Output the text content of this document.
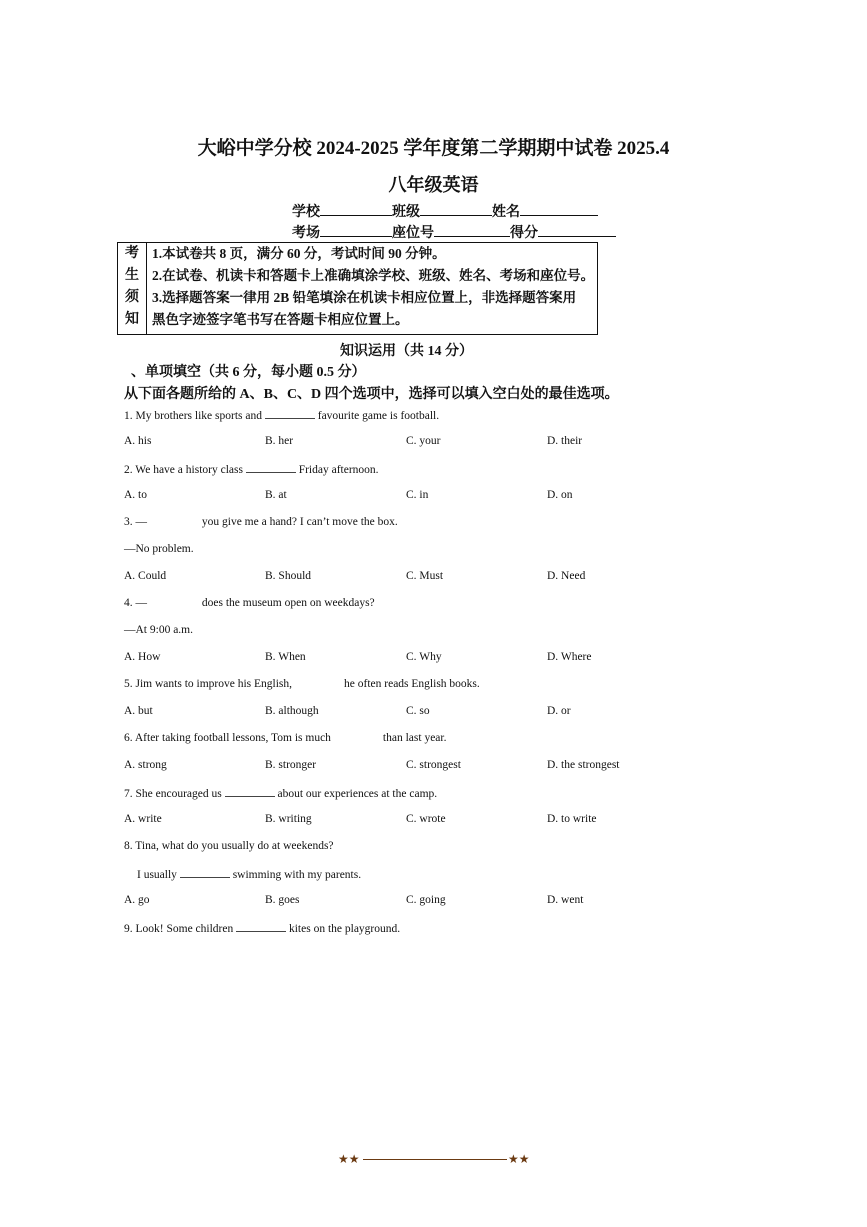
大峪中学分校 2024-2025 学年度第二学期期中试卷 2025.4
八年级英语
学校	班级	姓名
考场	座位号	得分
考
生
须
知
1.本试卷共 8 页，满分 60 分，考试时间 90 分钟。
2.在试卷、机读卡和答题卡上准确填涂学校、班级、姓名、考场和座位号。
3.选择题答案一律用 2B 铅笔填涂在机读卡相应位置上，非选择题答案用
黑色字迹签字笔书写在答题卡相应位置上。
知识运用（共 14 分）
、单项填空（共 6 分，每小题 0.5 分）
从下面各题所给的 A、B、C、D 四个选项中，选择可以填入空白处的最佳选项。
1. My brothers like sports and	favourite game is football.
A. his	B. her	C. your	D. their
2. We have a history class	Friday afternoon.
A. to	B. at	C. in	D. on
3. —	you give me a hand? I can’t move the box.
—No problem.
A. Could	B. Should	C. Must	D. Need
4. —	does the museum open on weekdays?
—At 9:00 a.m.
A. How	B. When	C. Why	D. Where
5. Jim wants to improve his English,	he often reads English books.
A. but	B. although	C. so	D. or
6. After taking football lessons, Tom is much	than last year.
A. strong	B. stronger	C. strongest	D. the strongest
7. She encouraged us	about our experiences at the camp.
A. write	B. writing	C. wrote	D. to write
8. Tina, what do you usually do at weekends?
I usually	swimming with my parents.
A. go	B. goes	C. going	D. went
9. Look! Some children	kites on the playground.
★★	★★
